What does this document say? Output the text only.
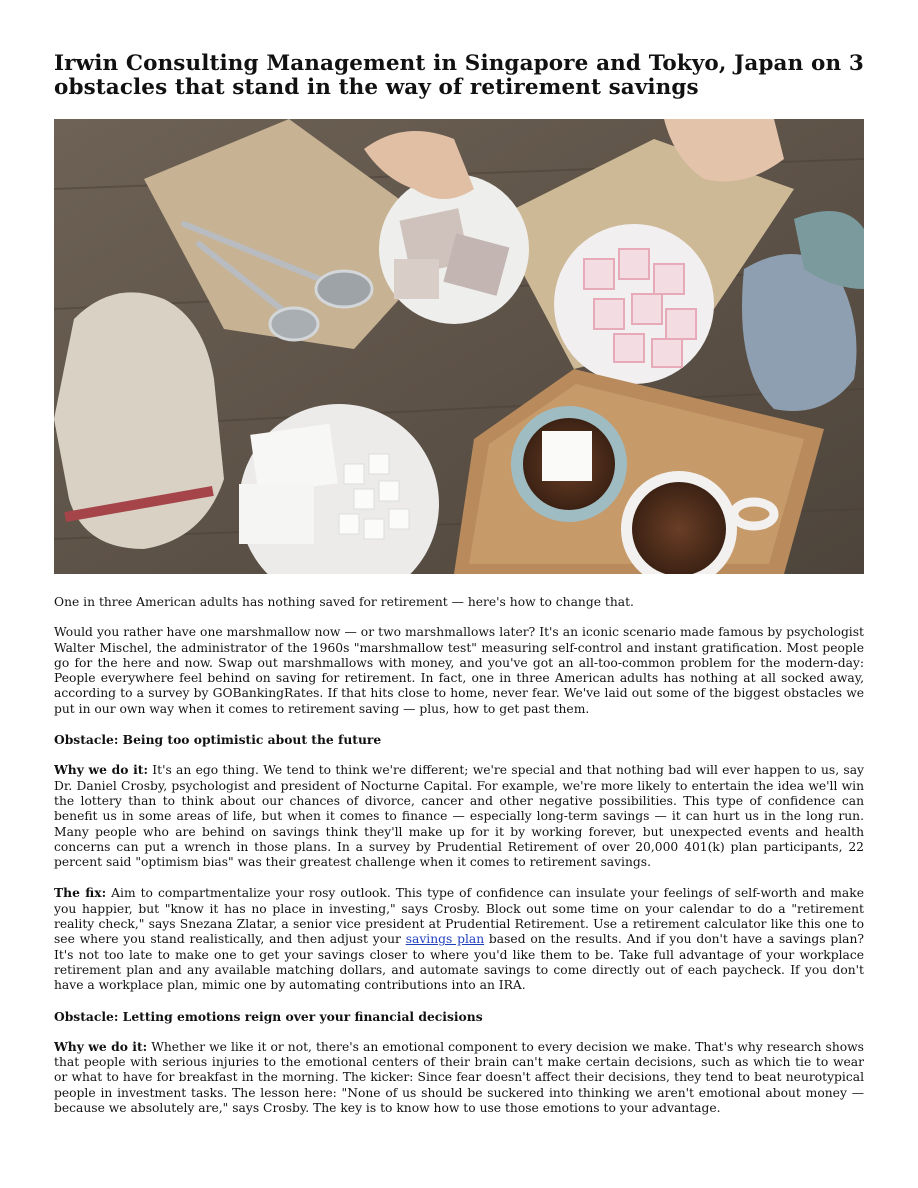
Irwin Consulting Management in Singapore and Tokyo, Japan on 3 obstacles that stand in the way of retirement savings

One in three American adults has nothing saved for retirement — here's how to change that.

Would you rather have one marshmallow now — or two marshmallows later? It's an iconic scenario made famous by psychologist Walter Mischel, the administrator of the 1960s "marshmallow test" measuring self-control and instant gratification. Most people go for the here and now. Swap out marshmallows with money, and you've got an all-too-common problem for the modern-day: People everywhere feel behind on saving for retirement. In fact, one in three American adults has nothing at all socked away, according to a survey by GOBankingRates. If that hits close to home, never fear. We've laid out some of the biggest obstacles we put in our own way when it comes to retirement saving — plus, how to get past them.

Obstacle: Being too optimistic about the future

Why we do it: It's an ego thing. We tend to think we're different; we're special and that nothing bad will ever happen to us, say Dr. Daniel Crosby, psychologist and president of Nocturne Capital. For example, we're more likely to entertain the idea we'll win the lottery than to think about our chances of divorce, cancer and other negative possibilities. This type of confidence can benefit us in some areas of life, but when it comes to finance — especially long-term savings — it can hurt us in the long run. Many people who are behind on savings think they'll make up for it by working forever, but unexpected events and health concerns can put a wrench in those plans. In a survey by Prudential Retirement of over 20,000 401(k) plan participants, 22 percent said "optimism bias" was their greatest challenge when it comes to retirement savings.

The fix: Aim to compartmentalize your rosy outlook. This type of confidence can insulate your feelings of self-worth and make you happier, but "know it has no place in investing," says Crosby. Block out some time on your calendar to do a "retirement reality check," says Snezana Zlatar, a senior vice president at Prudential Retirement. Use a retirement calculator like this one to see where you stand realistically, and then adjust your savings plan based on the results. And if you don't have a savings plan? It's not too late to make one to get your savings closer to where you'd like them to be. Take full advantage of your workplace retirement plan and any available matching dollars, and automate savings to come directly out of each paycheck. If you don't have a workplace plan, mimic one by automating contributions into an IRA.

Obstacle: Letting emotions reign over your financial decisions

Why we do it: Whether we like it or not, there's an emotional component to every decision we make. That's why research shows that people with serious injuries to the emotional centers of their brain can't make certain decisions, such as which tie to wear or what to have for breakfast in the morning. The kicker: Since fear doesn't affect their decisions, they tend to beat neurotypical people in investment tasks. The lesson here: "None of us should be suckered into thinking we aren't emotional about money — because we absolutely are," says Crosby. The key is to know how to use those emotions to your advantage.
